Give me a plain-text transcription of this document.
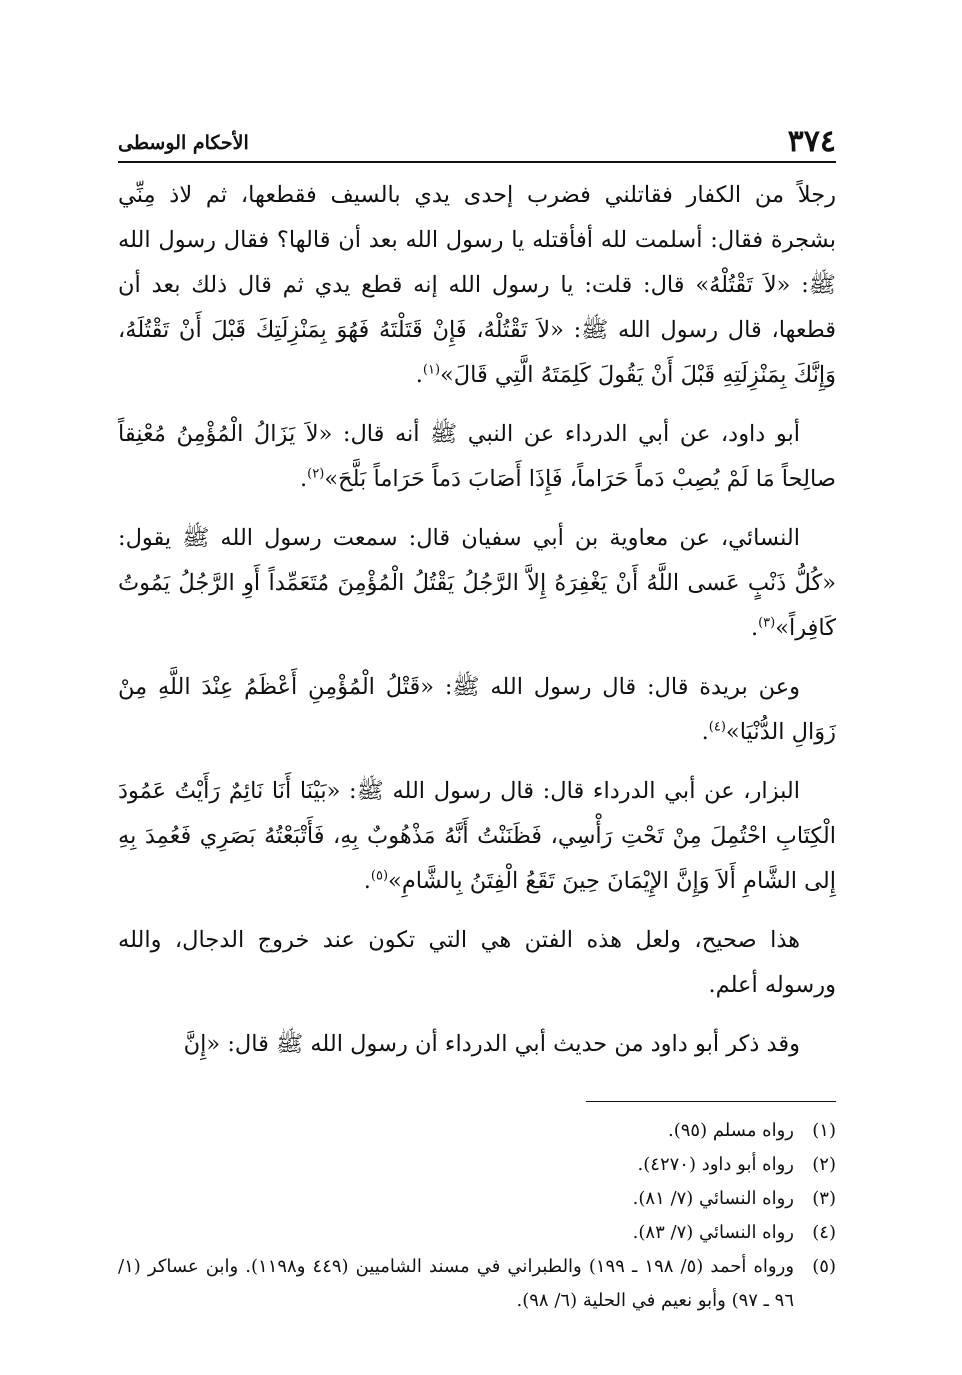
٣٧٤
الأحكام الوسطى

رجلاً من الكفار فقاتلني فضرب إحدى يدي بالسيف فقطعها، ثم لاذ مِنِّي بشجرة فقال: أسلمت لله أفأقتله يا رسول الله بعد أن قالها؟ فقال رسول الله ﷺ: «لاَ تَقْتُلْهُ» قال: قلت: يا رسول الله إنه قطع يدي ثم قال ذلك بعد أن قطعها، قال رسول الله ﷺ: «لاَ تَقْتُلْهُ، فَإِنْ قَتَلْتَهُ فَهُوَ بِمَنْزِلَتِكَ قَبْلَ أَنْ تَقْتُلَهُ، وَإِنَّكَ بِمَنْزِلَتِهِ قَبْلَ أَنْ يَقُولَ كَلِمَتَهُ الَّتِي قَالَ»$^{(١)}$.

أبو داود، عن أبي الدرداء عن النبي ﷺ أنه قال: «لاَ يَزَالُ الْمُؤْمِنُ مُعْنِقاً صالِحاً مَا لَمْ يُصِبْ دَماً حَرَاماً، فَإِذَا أَصَابَ دَماً حَرَاماً بَلَّحَ»$^{(٢)}$.

النسائي، عن معاوية بن أبي سفيان قال: سمعت رسول الله ﷺ يقول: «كُلُّ ذَنْبٍ عَسى اللَّهُ أَنْ يَغْفِرَهُ إِلاَّ الرَّجُلُ يَقْتُلُ الْمُؤْمِنَ مُتَعَمِّداً أَوِ الرَّجُلُ يَمُوتُ كَافِراً»$^{(٣)}$.

وعن بريدة قال: قال رسول الله ﷺ: «قَتْلُ الْمُؤْمِنِ أَعْظَمُ عِنْدَ اللَّهِ مِنْ زَوَالِ الدُّنْيَا»$^{(٤)}$.

البزار، عن أبي الدرداء قال: قال رسول الله ﷺ: «بَيْنَا أَنَا نَائِمٌ رَأَيْتُ عَمُودَ الْكِتَابِ احْتُمِلَ مِنْ تَحْتِ رَأْسِي، فَظَنَنْتُ أَنَّهُ مَذْهُوبٌ بِهِ، فَأَتْبَعْتُهُ بَصَرِي فَعُمِدَ بِهِ إِلى الشَّامِ أَلاَ وَإِنَّ الإِيْمَانَ حِينَ تَقَعُ الْفِتَنُ بِالشَّامِ»$^{(٥)}$.

هذا صحيح، ولعل هذه الفتن هي التي تكون عند خروج الدجال، والله ورسوله أعلم.

وقد ذكر أبو داود من حديث أبي الدرداء أن رسول الله ﷺ قال: «إِنَّ

(١)
رواه مسلم (٩٥).
(٢)
رواه أبو داود (٤٢٧٠).
(٣)
رواه النسائي (٧/ ٨١).
(٤)
رواه النسائي (٧/ ٨٣).
(٥)
ورواه أحمد (٥/ ١٩٨ ـ ١٩٩) والطبراني في مسند الشاميين (٤٤٩ و١١٩٨). وابن عساكر (١/ ٩٦ ـ ٩٧) وأبو نعيم في الحلية (٦/ ٩٨).
